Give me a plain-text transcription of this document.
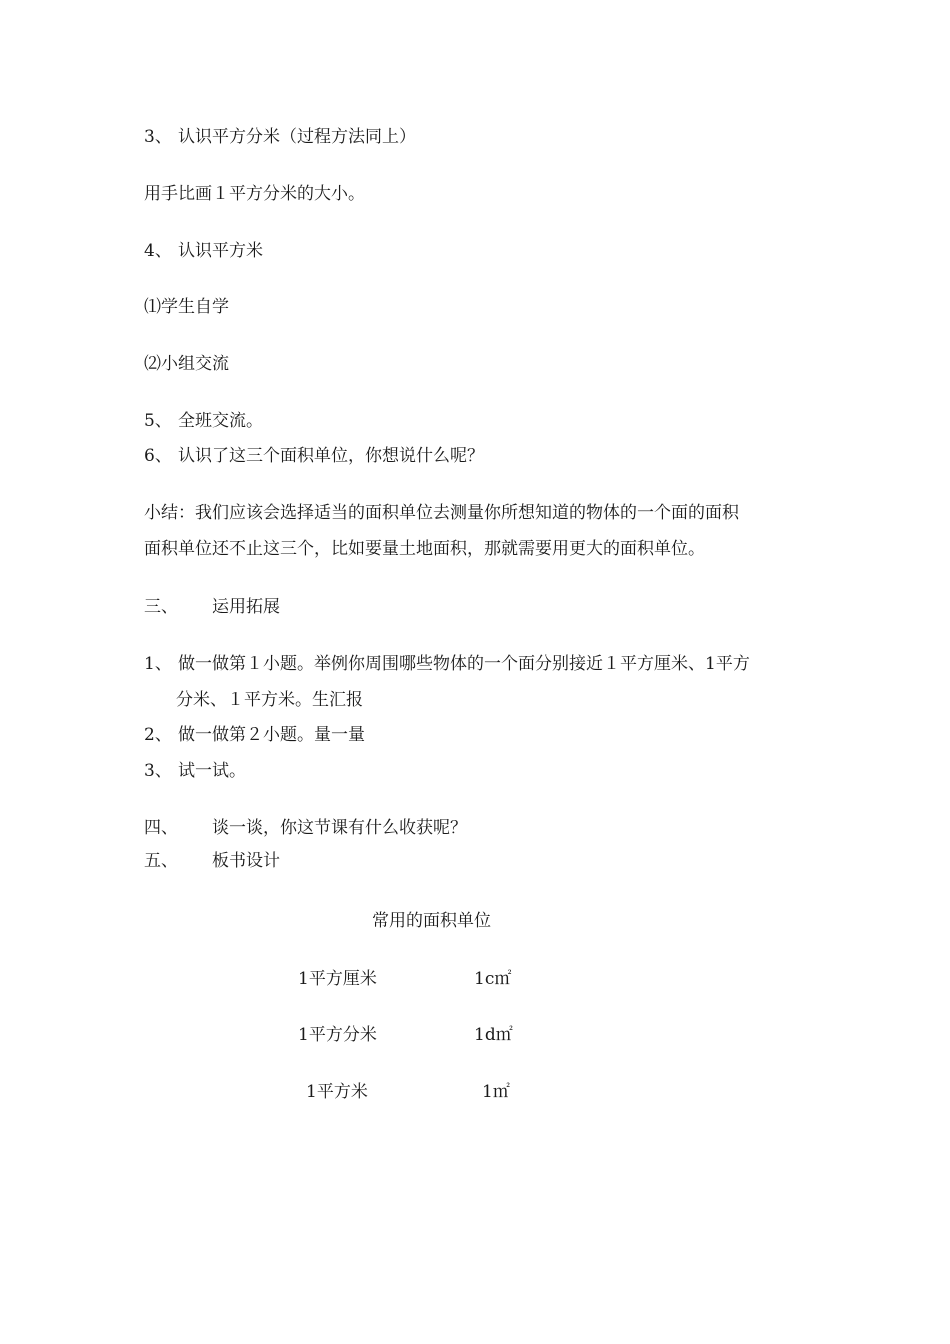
3、 认识平方分米（过程方法同上）
用手比画１平方分米的大小。
4、 认识平方米
⑴学生自学
⑵小组交流
5、 全班交流。
6、 认识了这三个面积单位，你想说什么呢？
小结：我们应该会选择适当的面积单位去测量你所想知道的物体的一个面的面积
面积单位还不止这三个，比如要量土地面积，那就需要用更大的面积单位。
三、 运用拓展
1、 做一做第１小题。举例你周围哪些物体的一个面分别接近１平方厘米、1平方
分米、１平方米。生汇报
2、 做一做第２小题。量一量
3、 试一试。
四、 谈一谈，你这节课有什么收获呢？
五、 板书设计
常用的面积单位
1平方厘米	1c㎡
1平方分米	1d㎡
1平方米	1㎡
